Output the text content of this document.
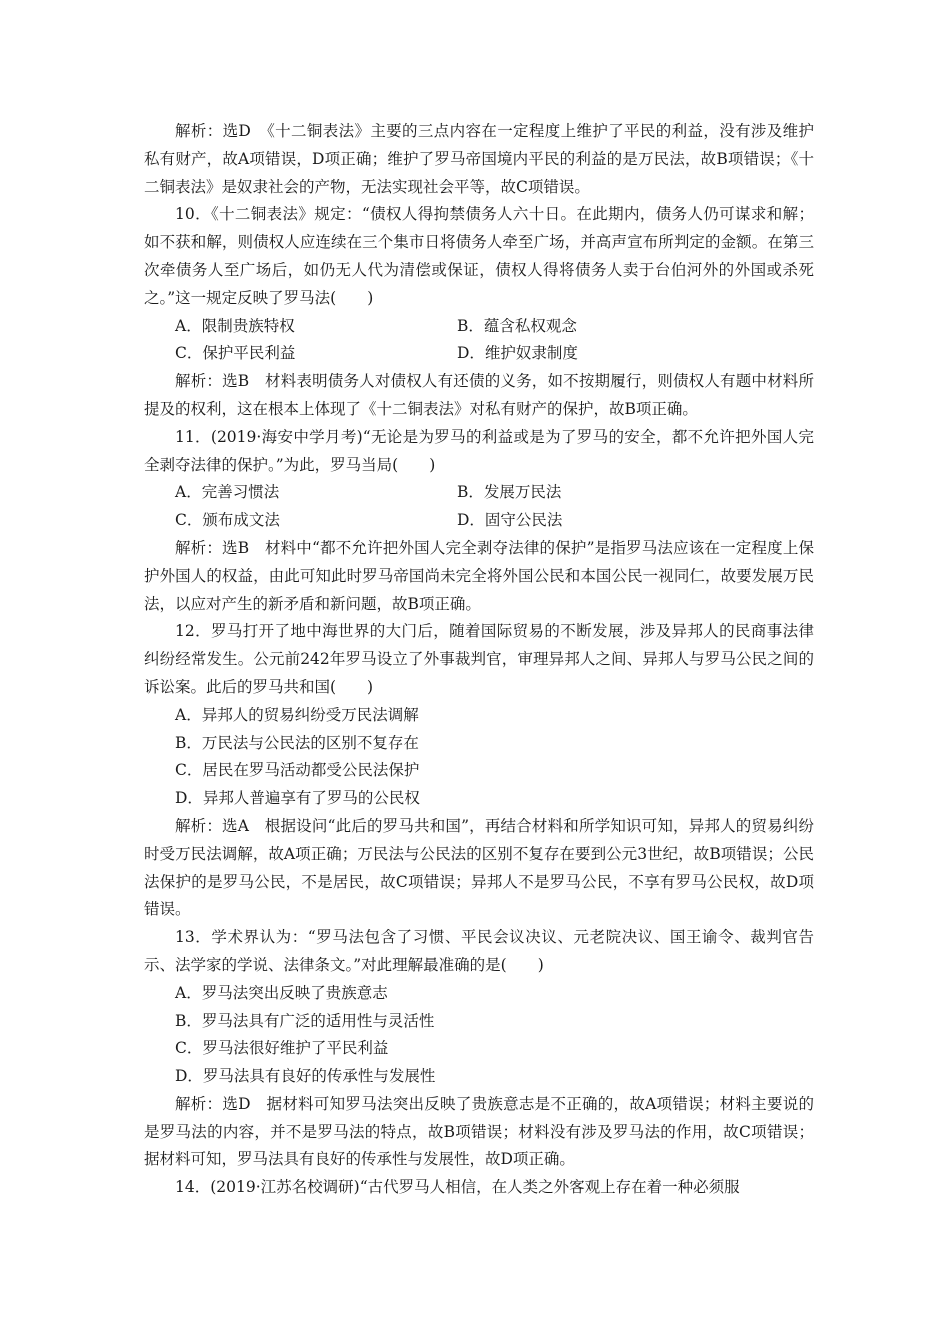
解析：选D　《十二铜表法》主要的三点内容在一定程度上维护了平民的利益，没有涉及维护私有财产，故A项错误，D项正确；维护了罗马帝国境内平民的利益的是万民法，故B项错误；《十二铜表法》是奴隶社会的产物，无法实现社会平等，故C项错误。

10．《十二铜表法》规定：“债权人得拘禁债务人六十日。在此期内，债务人仍可谋求和解；如不获和解，则债权人应连续在三个集市日将债务人牵至广场，并高声宣布所判定的金额。在第三次牵债务人至广场后，如仍无人代为清偿或保证，债权人得将债务人卖于台伯河外的外国或杀死之。”这一规定反映了罗马法(　　)

A．限制贵族特权	B．蕴含私权观念
C．保护平民利益	D．维护奴隶制度

解析：选B　材料表明债务人对债权人有还债的义务，如不按期履行，则债权人有题中材料所提及的权利，这在根本上体现了《十二铜表法》对私有财产的保护，故B项正确。

11．(2019·海安中学月考)“无论是为罗马的利益或是为了罗马的安全，都不允许把外国人完全剥夺法律的保护。”为此，罗马当局(　　)

A．完善习惯法	B．发展万民法
C．颁布成文法	D．固守公民法

解析：选B　材料中“都不允许把外国人完全剥夺法律的保护”是指罗马法应该在一定程度上保护外国人的权益，由此可知此时罗马帝国尚未完全将外国公民和本国公民一视同仁，故要发展万民法，以应对产生的新矛盾和新问题，故B项正确。

12．罗马打开了地中海世界的大门后，随着国际贸易的不断发展，涉及异邦人的民商事法律纠纷经常发生。公元前242年罗马设立了外事裁判官，审理异邦人之间、异邦人与罗马公民之间的诉讼案。此后的罗马共和国(　　)

A．异邦人的贸易纠纷受万民法调解

B．万民法与公民法的区别不复存在

C．居民在罗马活动都受公民法保护

D．异邦人普遍享有了罗马的公民权

解析：选A　根据设问“此后的罗马共和国”，再结合材料和所学知识可知，异邦人的贸易纠纷时受万民法调解，故A项正确；万民法与公民法的区别不复存在要到公元3世纪，故B项错误；公民法保护的是罗马公民，不是居民，故C项错误；异邦人不是罗马公民，不享有罗马公民权，故D项错误。

13．学术界认为：“罗马法包含了习惯、平民会议决议、元老院决议、国王谕令、裁判官告示、法学家的学说、法律条文。”对此理解最准确的是(　　)

A．罗马法突出反映了贵族意志

B．罗马法具有广泛的适用性与灵活性

C．罗马法很好维护了平民利益

D．罗马法具有良好的传承性与发展性

解析：选D　据材料可知罗马法突出反映了贵族意志是不正确的，故A项错误；材料主要说的是罗马法的内容，并不是罗马法的特点，故B项错误；材料没有涉及罗马法的作用，故C项错误；据材料可知，罗马法具有良好的传承性与发展性，故D项正确。

14．(2019·江苏名校调研)“古代罗马人相信，在人类之外客观上存在着一种必须服
